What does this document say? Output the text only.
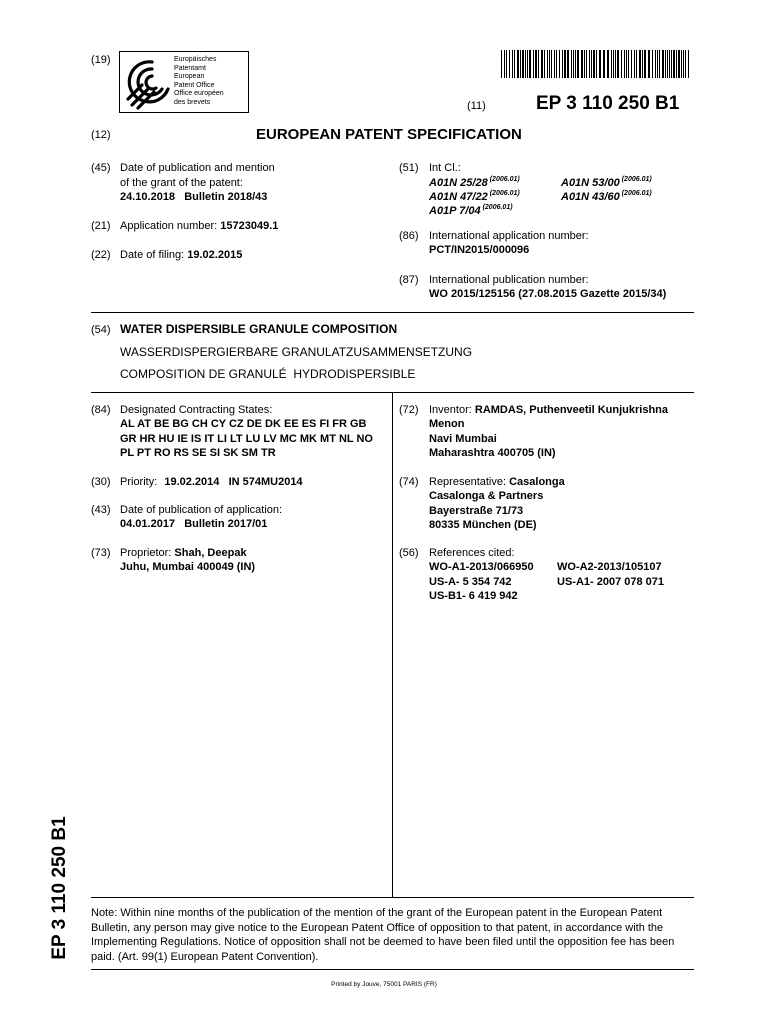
(19)	Europäisches
Patentamt
European
Patent Office
Office européen
des brevets	(11)	EP 3 110 250 B1
(12)	EUROPEAN PATENT SPECIFICATION
(45) Date of publication and mention
of the grant of the patent:
24.10.2018   Bulletin 2018/43
(21) Application number: 15723049.1
(22) Date of filing: 19.02.2015
(51) Int Cl.:
A01N 25/28 $^{(2006.01)}$	A01N 53/00 $^{(2006.01)}$
A01N 47/22 $^{(2006.01)}$	A01N 43/60 $^{(2006.01)}$
A01P 7/04 $^{(2006.01)}$
(86) International application number:
PCT/IN2015/000096
(87) International publication number:
WO 2015/125156 (27.08.2015 Gazette 2015/34)
(54) WATER DISPERSIBLE GRANULE COMPOSITION
WASSERDISPERGIERBARE GRANULATZUSAMMENSETZUNG
COMPOSITION DE GRANULÉ  HYDRODISPERSIBLE
(84) Designated Contracting States:
AL AT BE BG CH CY CZ DE DK EE ES FI FR GB
GR HR HU IE IS IT LI LT LU LV MC MK MT NL NO
PL PT RO RS SE SI SK SM TR
(30) Priority: 19.02.2014   IN 574MU2014
(43) Date of publication of application:
04.01.2017   Bulletin 2017/01
(73) Proprietor: Shah, Deepak
Juhu, Mumbai 400049 (IN)
(72) Inventor: RAMDAS, Puthenveetil Kunjukrishna
Menon
Navi Mumbai
Maharashtra 400705 (IN)
(74) Representative: Casalonga
Casalonga & Partners
Bayerstraße 71/73
80335 München (DE)
(56) References cited:
WO-A1-2013/066950 WO-A2-2013/105107
US-A- 5 354 742	US-A1- 2007 078 071
US-B1- 6 419 942
EP 3 110 250 B1 Note: Within nine months of the publication of the mention of the grant of the European patent in the European Patent
Bulletin, any person may give notice to the European Patent Office of opposition to that patent, in accordance with the
Implementing Regulations. Notice of opposition shall not be deemed to have been filed until the opposition fee has been
paid. (Art. 99(1) European Patent Convention).
Printed by Jouve, 75001 PARIS (FR)
